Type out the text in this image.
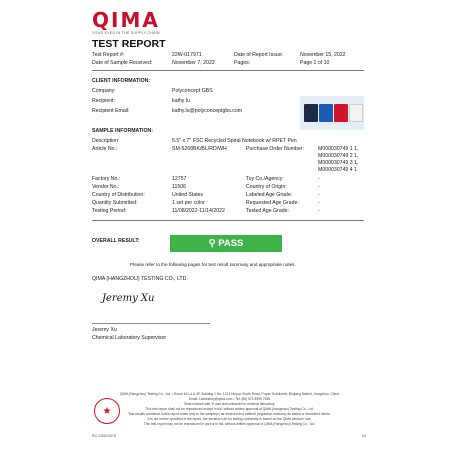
QIMA
YOUR EYES IN THE SUPPLY CHAIN
TEST REPORT
Test Report #:	22W-017971	Date of Report Issue:	November 15, 2022
Date of Sample Received:	November 7, 2022	Pages:	Page 1 of 10
CLIENT INFORMATION:
Company:	Polyconcept GBS
Recipient:	kathy lu
Recipient Email:	kathy.lu@polyconceptgbs.com
SAMPLE INFORMATION:
Description:	5.5" x 7" FSC Recycled Spiral Notebook w/ RPET Pen
Article No.:	SM-5268BK/BL/RD/WH	Purchase Order Number:	M000030749 1 1,
M000030749 2 1,
M000030749 3 1,
M000030749 4 1
Factory No.:	12757	Toy Co./Agency:	-
Vendor No.:	11506	Country of Origin:	-
Country of Distribution:	United States	Labeled Age Grade:	-
Quantity Submitted:	1 set per color	Requested Age Grade:	-
Testing Period:	11/08/2022-11/14/2022	Tested Age Grade:	-
OVERALL RESULT:	⚲ PASS
Please refer to the following pages for test result summary and appropriate notes.
QIMA (HANGZHOU) TESTING CO., LTD.
Jeremy Xu
Jeremy Xu
Chemical Laboratory Supervisor
★
QIMA (Hangzhou) Testing Co., Ltd. • Room 401-4 & 4F, Building 1 No. 1213 Huiyun South Road, Puyan Subdistrict, Binjiang District, Hangzhou, China
Email: Laboratory@qima.com • Tel: (86) 571 8999 7538
Tests marked with '#' was subcontracted to external laboratory.
This test report shall not be reproduced except in full, without written approval of QIMA (Hangzhou) Testing Co., Ltd.
Test results contained in this report relate only to the sample(s) as received and method (regulation sections) as stated or described herein.
It is not further specified in the report, the decision rule for stating conformity is based on the QIMA decision rule.
This test report may not be reproduced in part or in full, without written approval of QIMA (Hangzhou) Testing Co., Ltd.
RC-CS02-0079	A1
